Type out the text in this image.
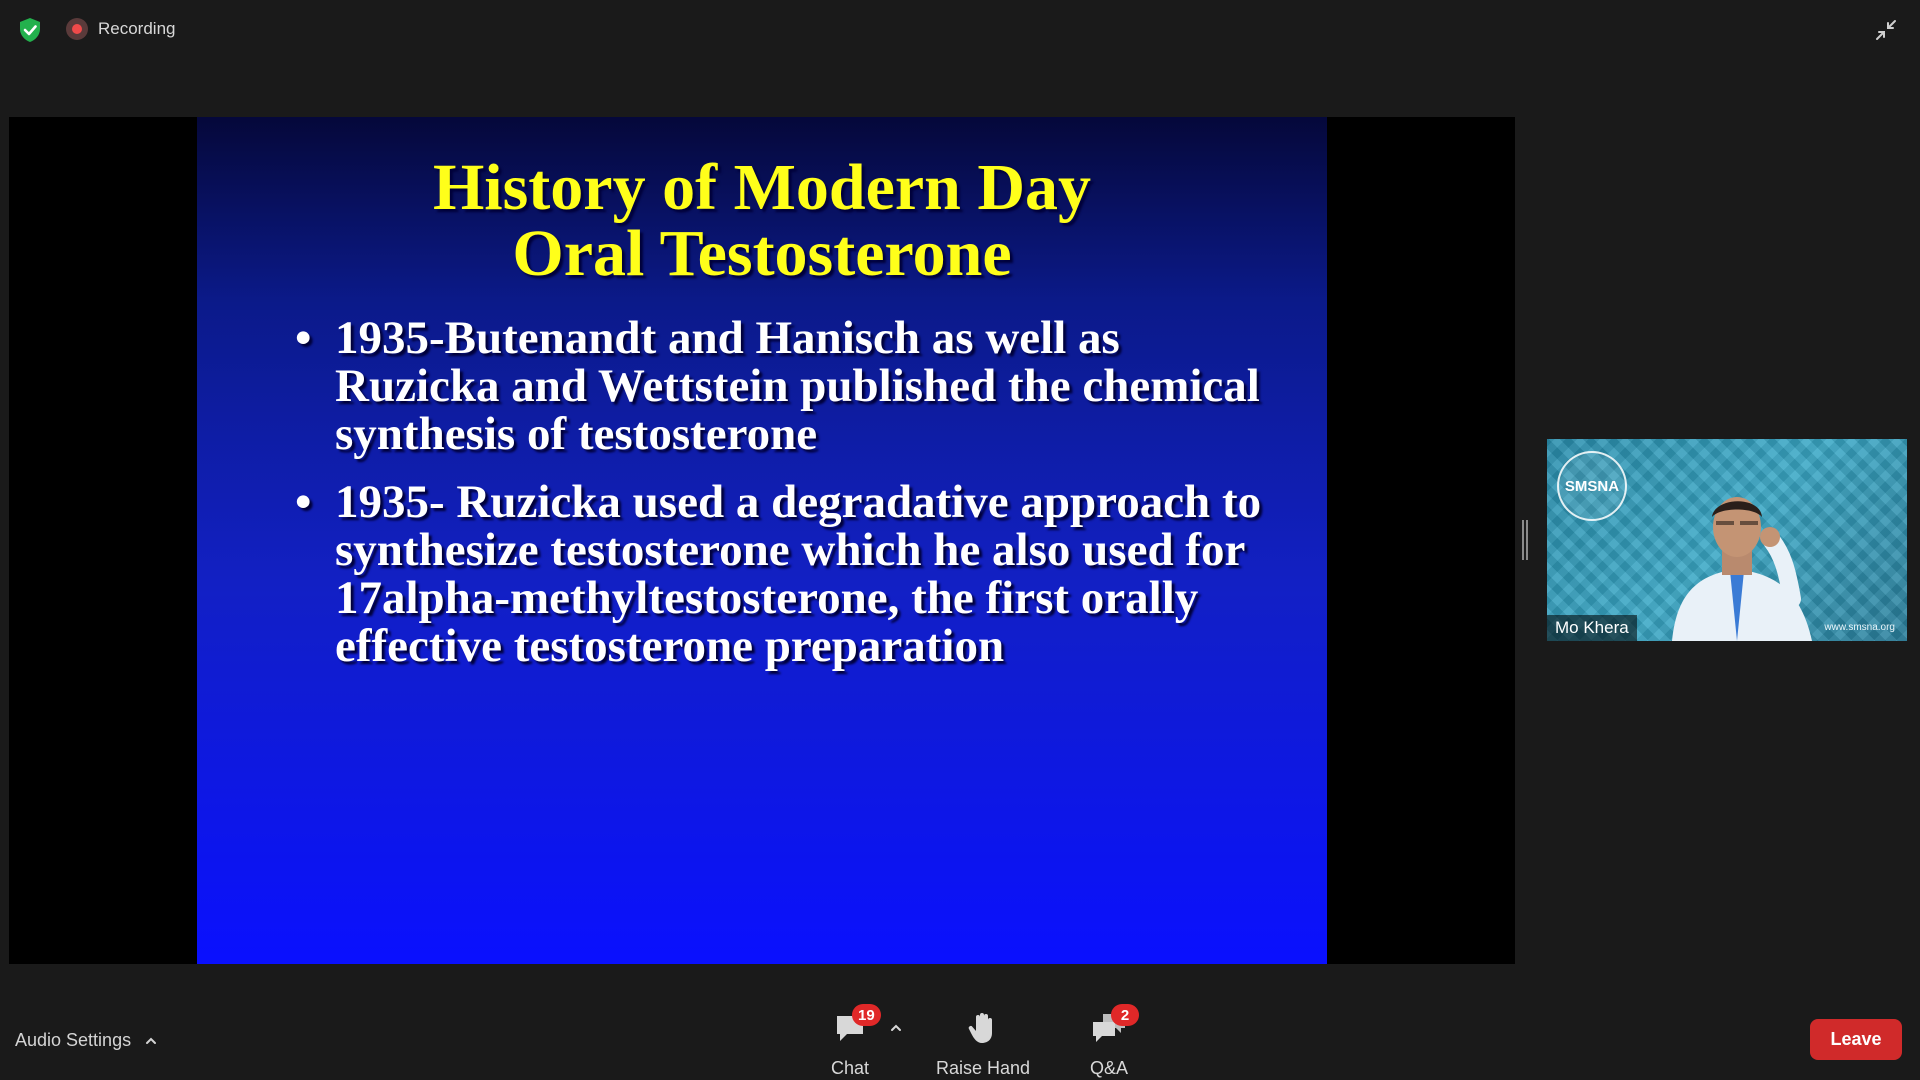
Recording
History of Modern Day
Oral Testosterone
• 1935-Butenandt and Hanisch as well as Ruzicka and Wettstein published the chemical synthesis of testosterone
• 1935- Ruzicka used a degradative approach to synthesize testosterone which he also used for 17alpha-methyltestosterone, the first orally effective testosterone preparation
SMSNA
www.smsna.org
Mo Khera
Audio Settings
19
Chat	Raise Hand
2
Q&A
Leave
